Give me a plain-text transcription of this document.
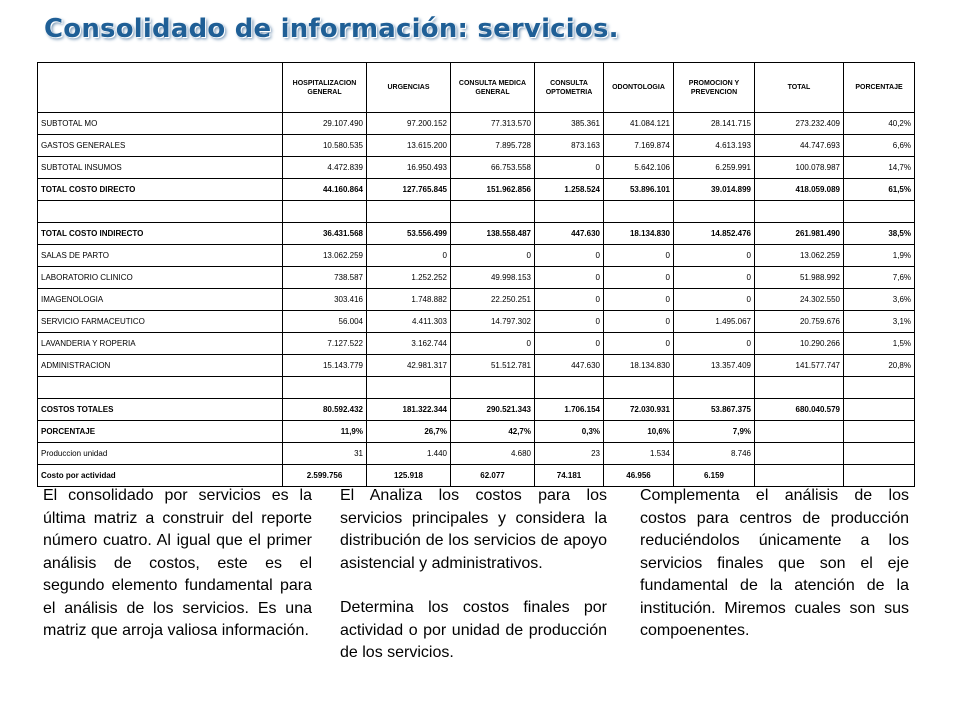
Consolidado de información: servicios.
	HOSPITALIZACION GENERAL	URGENCIAS	CONSULTA MEDICA GENERAL	CONSULTA OPTOMETRIA	ODONTOLOGIA	PROMOCION Y PREVENCION	TOTAL	PORCENTAJE
SUBTOTAL MO	29.107.490	97.200.152	77.313.570	385.361	41.084.121	28.141.715	273.232.409	40,2%
GASTOS GENERALES	10.580.535	13.615.200	7.895.728	873.163	7.169.874	4.613.193	44.747.693	6,6%
SUBTOTAL INSUMOS	4.472.839	16.950.493	66.753.558	0	5.642.106	6.259.991	100.078.987	14,7%
TOTAL COSTO DIRECTO	44.160.864	127.765.845	151.962.856	1.258.524	53.896.101	39.014.899	418.059.089	61,5%

TOTAL COSTO INDIRECTO	36.431.568	53.556.499	138.558.487	447.630	18.134.830	14.852.476	261.981.490	38,5%
SALAS DE PARTO	13.062.259	0	0	0	0	0	13.062.259	1,9%
LABORATORIO CLINICO	738.587	1.252.252	49.998.153	0	0	0	51.988.992	7,6%
IMAGENOLOGIA	303.416	1.748.882	22.250.251	0	0	0	24.302.550	3,6%
SERVICIO FARMACEUTICO	56.004	4.411.303	14.797.302	0	0	1.495.067	20.759.676	3,1%
LAVANDERIA Y ROPERIA	7.127.522	3.162.744	0	0	0	0	10.290.266	1,5%
ADMINISTRACION	15.143.779	42.981.317	51.512.781	447.630	18.134.830	13.357.409	141.577.747	20,8%

COSTOS TOTALES	80.592.432	181.322.344	290.521.343	1.706.154	72.030.931	53.867.375	680.040.579	
PORCENTAJE	11,9%	26,7%	42,7%	0,3%	10,6%	7,9%		
Produccion unidad	31	1.440	4.680	23	1.534	8.746		
Costo por actividad	2.599.756	125.918	62.077	74.181	46.956	6.159		

El consolidado por servicios es la última matriz a construir del reporte número cuatro. Al igual que el primer análisis de costos, este es el segundo elemento fundamental para el análisis de los servicios. Es una matriz que arroja valiosa información.

El Analiza los costos para los servicios principales y considera la distribución de los servicios de apoyo asistencial y administrativos.

Determina los costos finales por actividad o por unidad de producción de los servicios.

Complementa el análisis de los costos para centros de producción reduciéndolos únicamente a los servicios finales que son el eje fundamental de la atención de la institución. Miremos cuales son sus compoenentes.
